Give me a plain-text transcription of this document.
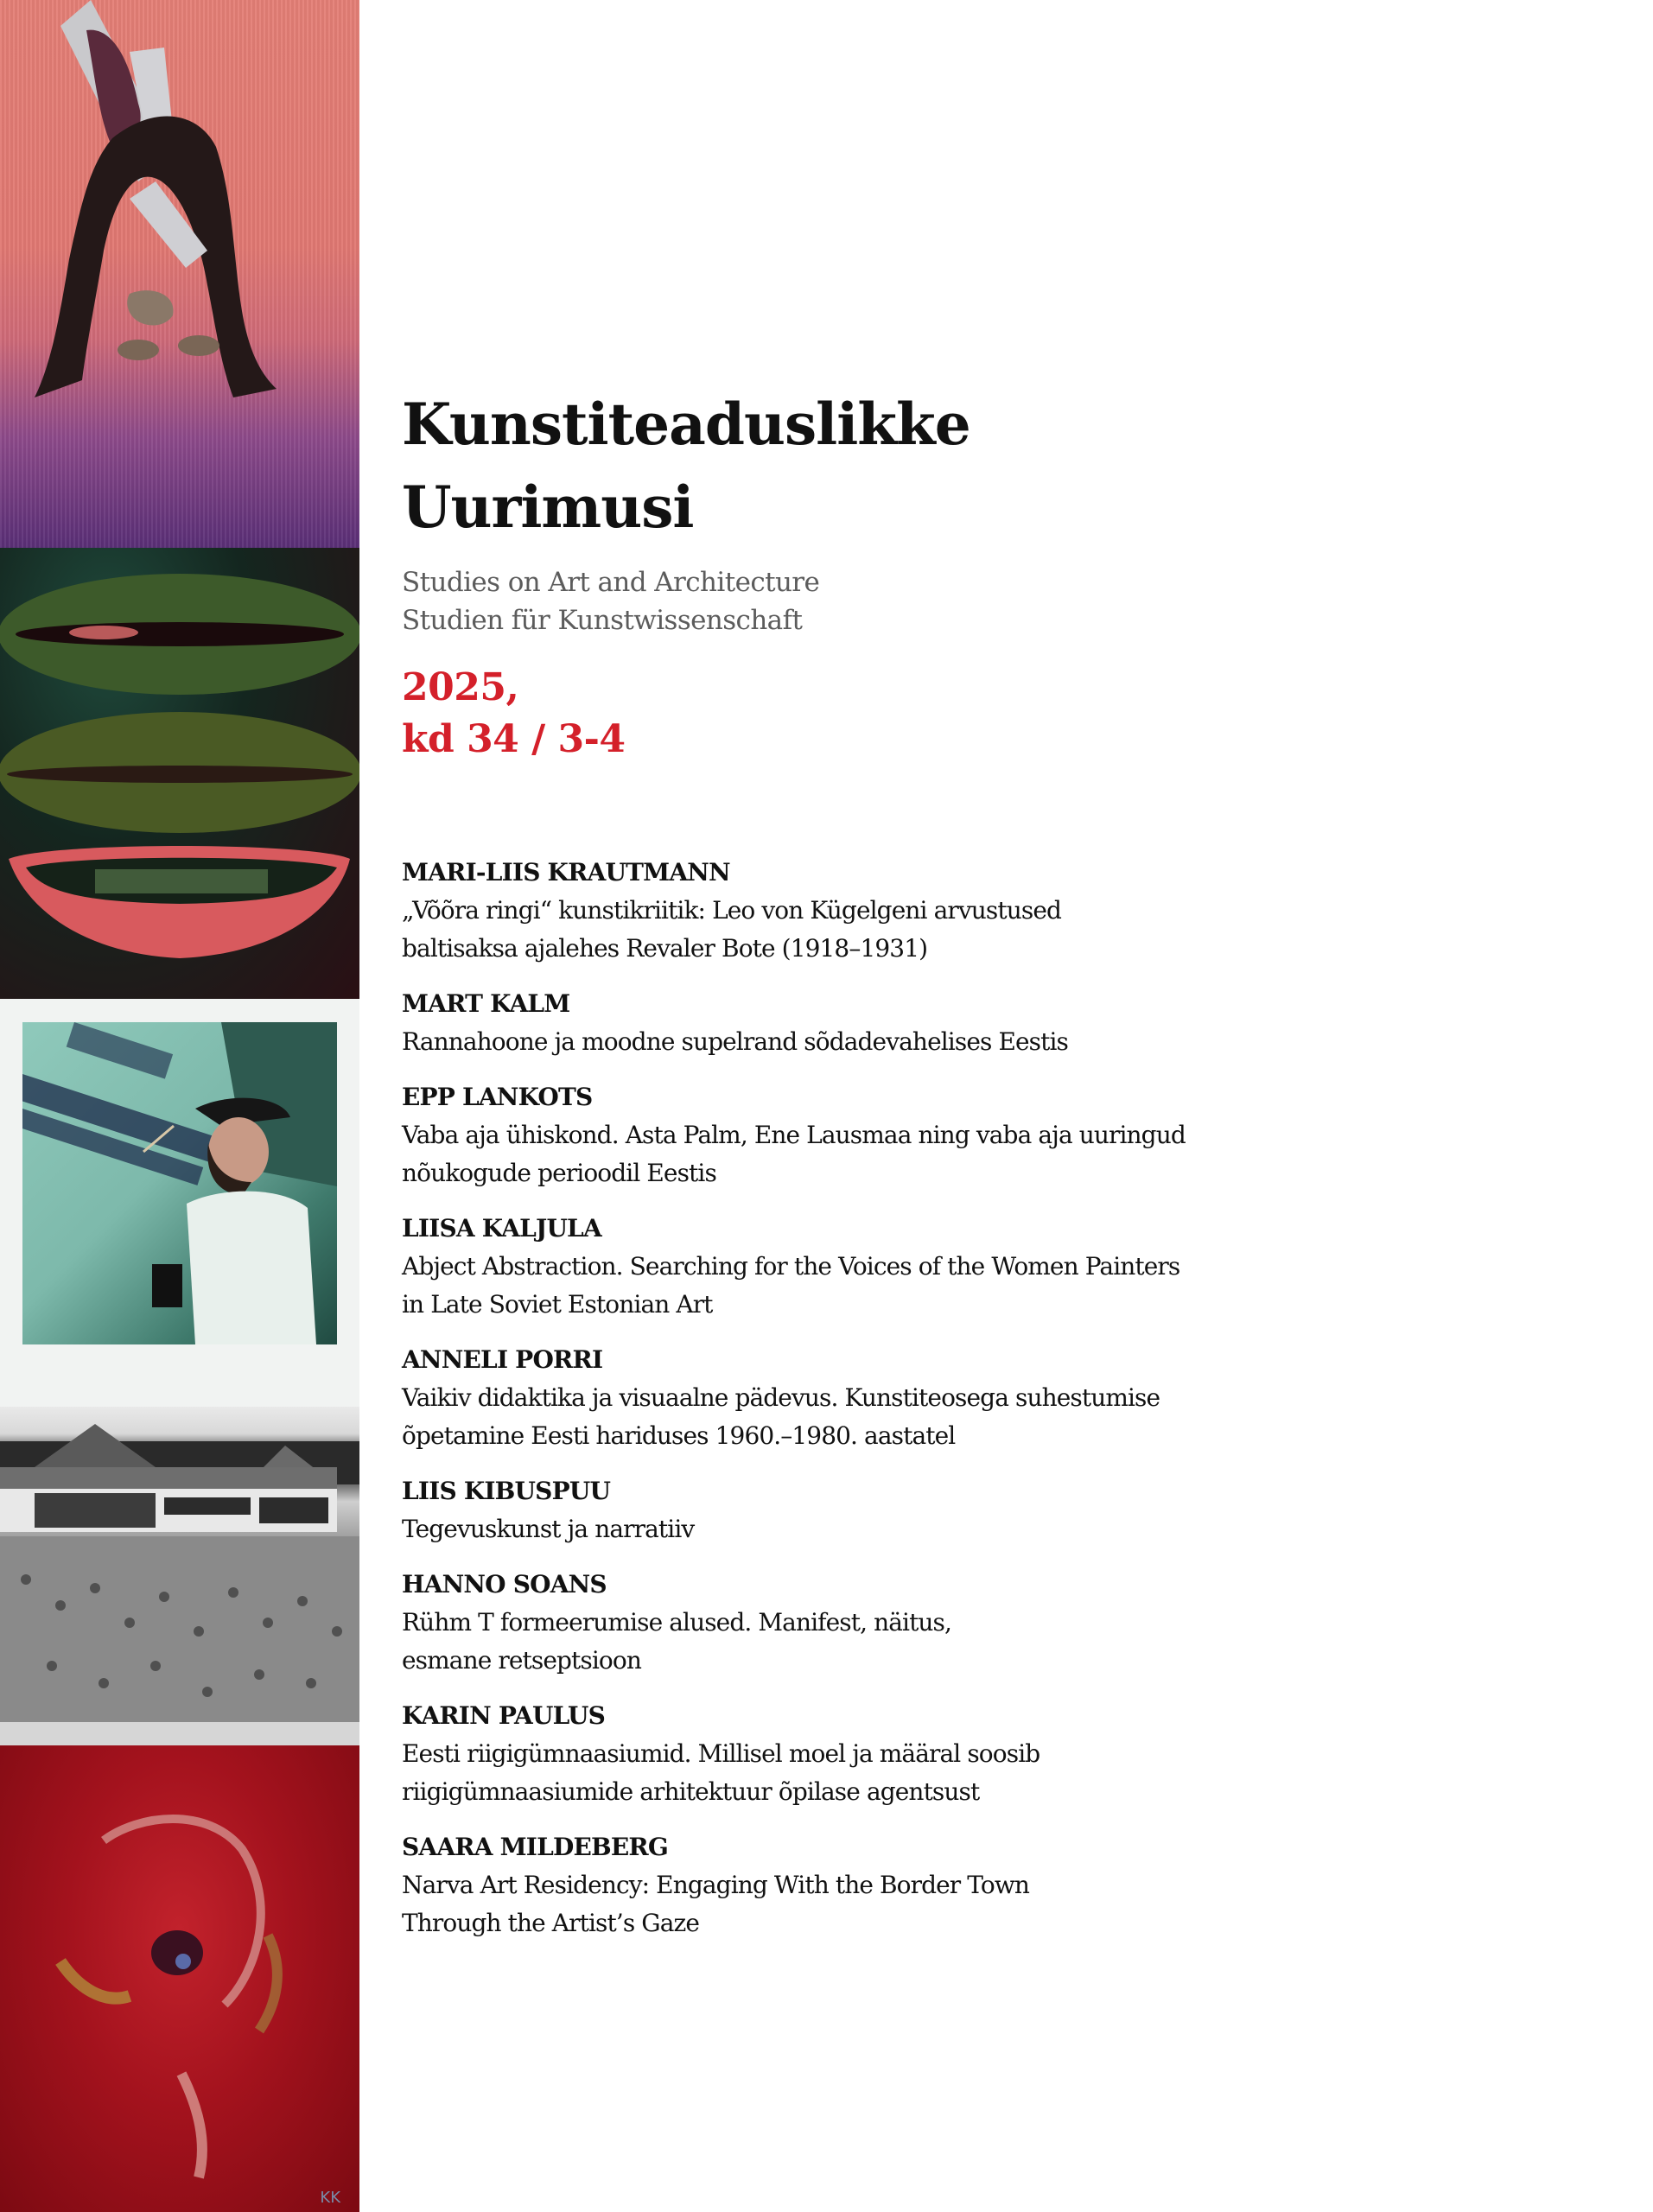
KK
Kunstiteaduslikke
Uurimusi
Studies on Art and Architecture
Studien für Kunstwissenschaft
2025,
kd 34 / 3-4
MARI-LIIS KRAUTMANN
„Võõra ringi“ kunstikriitik: Leo von Kügelgeni arvustused
baltisaksa ajalehes Revaler Bote (1918–1931)
MART KALM
Rannahoone ja moodne supelrand sõdadevahelises Eestis
EPP LANKOTS
Vaba aja ühiskond. Asta Palm, Ene Lausmaa ning vaba aja uuringud
nõukogude perioodil Eestis
LIISA KALJULA
Abject Abstraction. Searching for the Voices of the Women Painters
in Late Soviet Estonian Art
ANNELI PORRI
Vaikiv didaktika ja visuaalne pädevus. Kunstiteosega suhestumise
õpetamine Eesti hariduses 1960.–1980. aastatel
LIIS KIBUSPUU
Tegevuskunst ja narratiiv
HANNO SOANS
Rühm T formeerumise alused. Manifest, näitus,
esmane retseptsioon
KARIN PAULUS
Eesti riigigümnaasiumid. Millisel moel ja määral soosib
riigigümnaasiumide arhitektuur õpilase agentsust
SAARA MILDEBERG
Narva Art Residency: Engaging With the Border Town
Through the Artist’s Gaze
